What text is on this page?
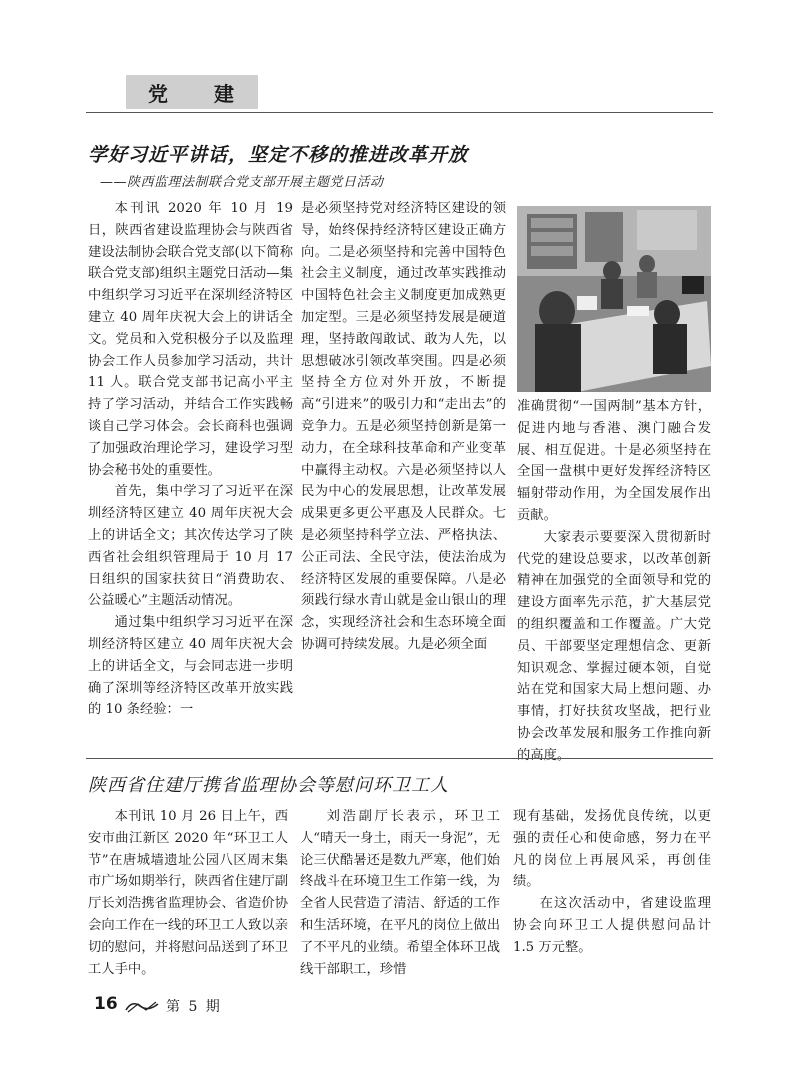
党 建
学好习近平讲话，坚定不移的推进改革开放
——陕西监理法制联合党支部开展主题党日活动

本刊讯 2020 年 10 月 19 日，陕西省建设监理协会与陕西省建设法制协会联合党支部(以下简称联合党支部)组织主题党日活动—集中组织学习习近平在深圳经济特区建立 40 周年庆祝大会上的讲话全文。党员和入党积极分子以及监理协会工作人员参加学习活动，共计 11 人。联合党支部书记高小平主持了学习活动，并结合工作实践畅谈自己学习体会。会长商科也强调了加强政治理论学习，建设学习型协会秘书处的重要性。

首先，集中学习了习近平在深圳经济特区建立 40 周年庆祝大会上的讲话全文；其次传达学习了陕西省社会组织管理局于 10 月 17 日组织的国家扶贫日“消费助农、公益暖心”主题活动情况。

通过集中组织学习习近平在深圳经济特区建立 40 周年庆祝大会上的讲话全文，与会同志进一步明确了深圳等经济特区改革开放实践的 10 条经验：一

是必须坚持党对经济特区建设的领导，始终保持经济特区建设正确方向。二是必须坚持和完善中国特色社会主义制度，通过改革实践推动中国特色社会主义制度更加成熟更加定型。三是必须坚持发展是硬道理，坚持敢闯敢试、敢为人先，以思想破冰引领改革突围。四是必须坚持全方位对外开放，不断提高“引进来”的吸引力和“走出去”的竞争力。五是必须坚持创新是第一动力，在全球科技革命和产业变革中赢得主动权。六是必须坚持以人民为中心的发展思想，让改革发展成果更多更公平惠及人民群众。七是必须坚持科学立法、严格执法、公正司法、全民守法，使法治成为经济特区发展的重要保障。八是必须践行绿水青山就是金山银山的理念，实现经济社会和生态环境全面协调可持续发展。九是必须全面

准确贯彻“一国两制”基本方针，促进内地与香港、澳门融合发展、相互促进。十是必须坚持在全国一盘棋中更好发挥经济特区辐射带动作用，为全国发展作出贡献。

大家表示要要深入贯彻新时代党的建设总要求，以改革创新精神在加强党的全面领导和党的建设方面率先示范，扩大基层党的组织覆盖和工作覆盖。广大党员、干部要坚定理想信念、更新知识观念、掌握过硬本领，自觉站在党和国家大局上想问题、办事情，打好扶贫攻坚战，把行业协会改革发展和服务工作推向新的高度。

陕西省住建厅携省监理协会等慰问环卫工人

本刊讯 10 月 26 日上午，西安市曲江新区 2020 年“环卫工人节”在唐城墙遗址公园八区周末集市广场如期举行，陕西省住建厅副厅长刘浩携省监理协会、省造价协会向工作在一线的环卫工人致以亲切的慰问，并将慰问品送到了环卫工人手中。

刘浩副厅长表示，环卫工人“晴天一身土，雨天一身泥”，无论三伏酷暑还是数九严寒，他们始终战斗在环境卫生工作第一线，为全省人民营造了清洁、舒适的工作和生活环境，在平凡的岗位上做出了不平凡的业绩。希望全体环卫战线干部职工，珍惜

现有基础，发扬优良传统，以更强的责任心和使命感，努力在平凡的岗位上再展风采，再创佳绩。

在这次活动中，省建设监理协会向环卫工人提供慰问品计 1.5 万元整。

16	第 5 期
